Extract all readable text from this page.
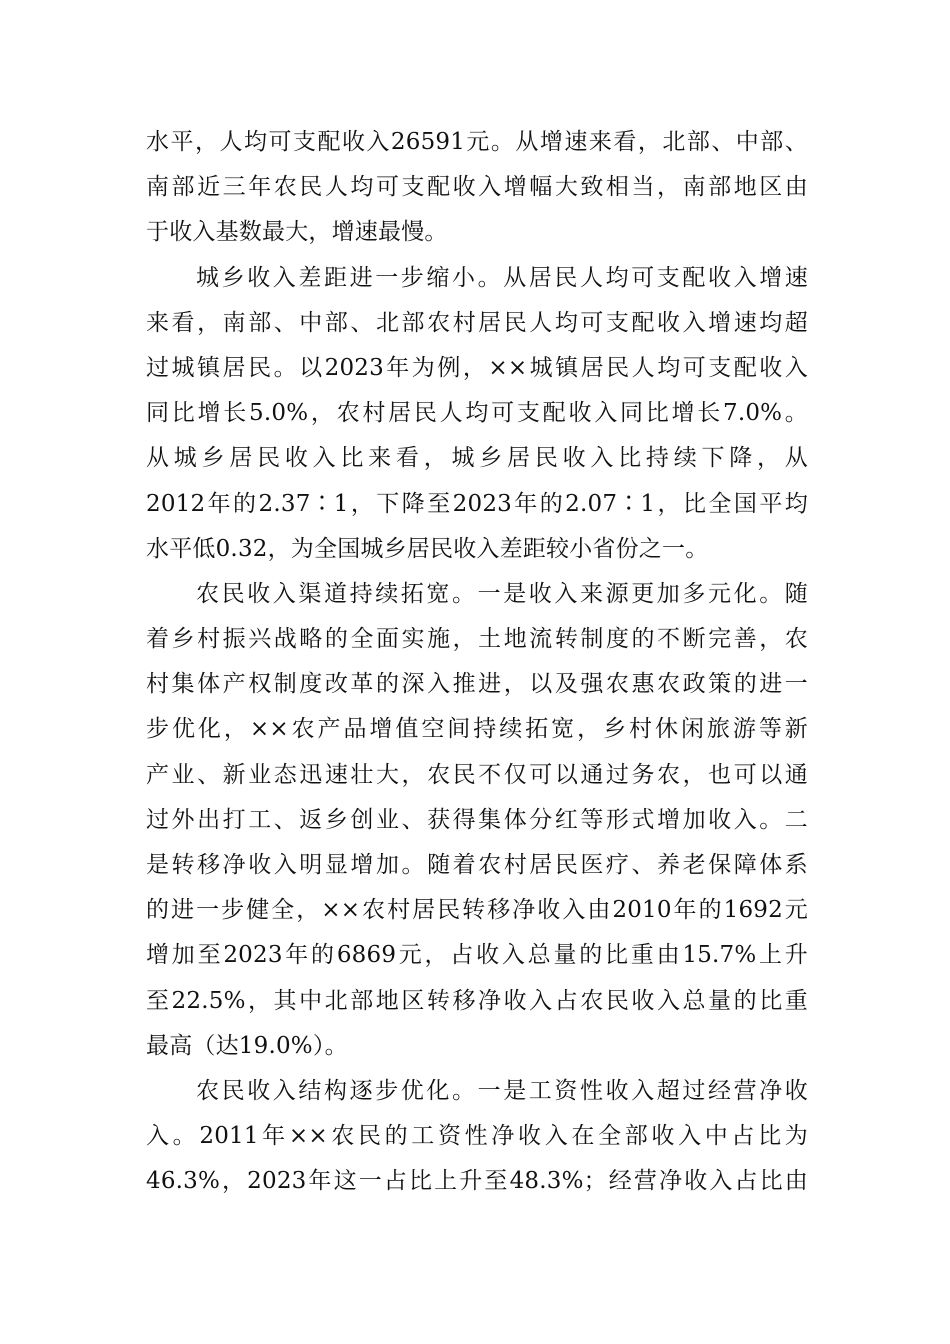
水平，人均可支配收入26591元。从增速来看，北部、中部、
南部近三年农民人均可支配收入增幅大致相当，南部地区由
于收入基数最大，增速最慢。
城乡收入差距进一步缩小。从居民人均可支配收入增速
来看，南部、中部、北部农村居民人均可支配收入增速均超
过城镇居民。以2023年为例，××城镇居民人均可支配收入
同比增长5.0%，农村居民人均可支配收入同比增长7.0%。
从城乡居民收入比来看，城乡居民收入比持续下降，从
2012年的2.37∶1，下降至2023年的2.07∶1，比全国平均
水平低0.32，为全国城乡居民收入差距较小省份之一。
农民收入渠道持续拓宽。一是收入来源更加多元化。随
着乡村振兴战略的全面实施，土地流转制度的不断完善，农
村集体产权制度改革的深入推进，以及强农惠农政策的进一
步优化，××农产品增值空间持续拓宽，乡村休闲旅游等新
产业、新业态迅速壮大，农民不仅可以通过务农，也可以通
过外出打工、返乡创业、获得集体分红等形式增加收入。二
是转移净收入明显增加。随着农村居民医疗、养老保障体系
的进一步健全，××农村居民转移净收入由2010年的1692元
增加至2023年的6869元，占收入总量的比重由15.7%上升
至22.5%，其中北部地区转移净收入占农民收入总量的比重
最高（达19.0%）。
农民收入结构逐步优化。一是工资性收入超过经营净收
入。2011年××农民的工资性净收入在全部收入中占比为
46.3%，2023年这一占比上升至48.3%；经营净收入占比由
